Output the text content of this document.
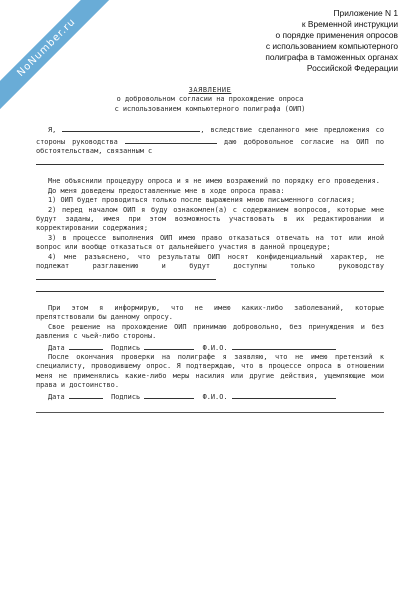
NoNumber.ru
Приложение N 1
к Временной инструкции
о порядке применения опросов
с использованием компьютерного
полиграфа в таможенных органах
Российской Федерации
ЗАЯВЛЕНИЕ
о добровольном согласии на прохождение опроса
с использованием компьютерного полиграфа (ОИП)

Я,	, вследствие сделанного мне предложения со стороны руководства	даю добровольное согласие на ОИП по обстоятельствам, связанным с

Мне объяснили процедуру опроса и я не имею возражений по порядку его проведения.

До меня доведены предоставленные мне в ходе опроса права:

1) ОИП будет проводиться только после выражения мною письменного согласия;

2) перед началом ОИП я буду ознакомлен(а) с содержанием вопросов, которые мне будут заданы, имея при этом возможность участвовать в их редактировании и корректировании содержания;

3) в процессе выполнения ОИП имею право отказаться отвечать на тот или иной вопрос или вообще отказаться от дальнейшего участия в данной процедуре;

4) мне разъяснено, что результаты ОИП носят конфиденциальный характер, не подлежат разглашению и будут доступны только руководству

При этом я информирую, что не имею каких-либо заболеваний, которые препятствовали бы данному опросу.

Свое решение на прохождение ОИП принимаю добровольно, без принуждения и без давления с чьей-либо стороны.

Дата	Подпись	Ф.И.О.

После окончания проверки на полиграфе я заявляю, что не имею претензий к специалисту, проводившему опрос. Я подтверждаю, что в процессе опроса в отношении меня не применялись какие-либо меры насилия или другие действия, ущемляющие мои права и достоинство.

Дата	Подпись	Ф.И.О.
